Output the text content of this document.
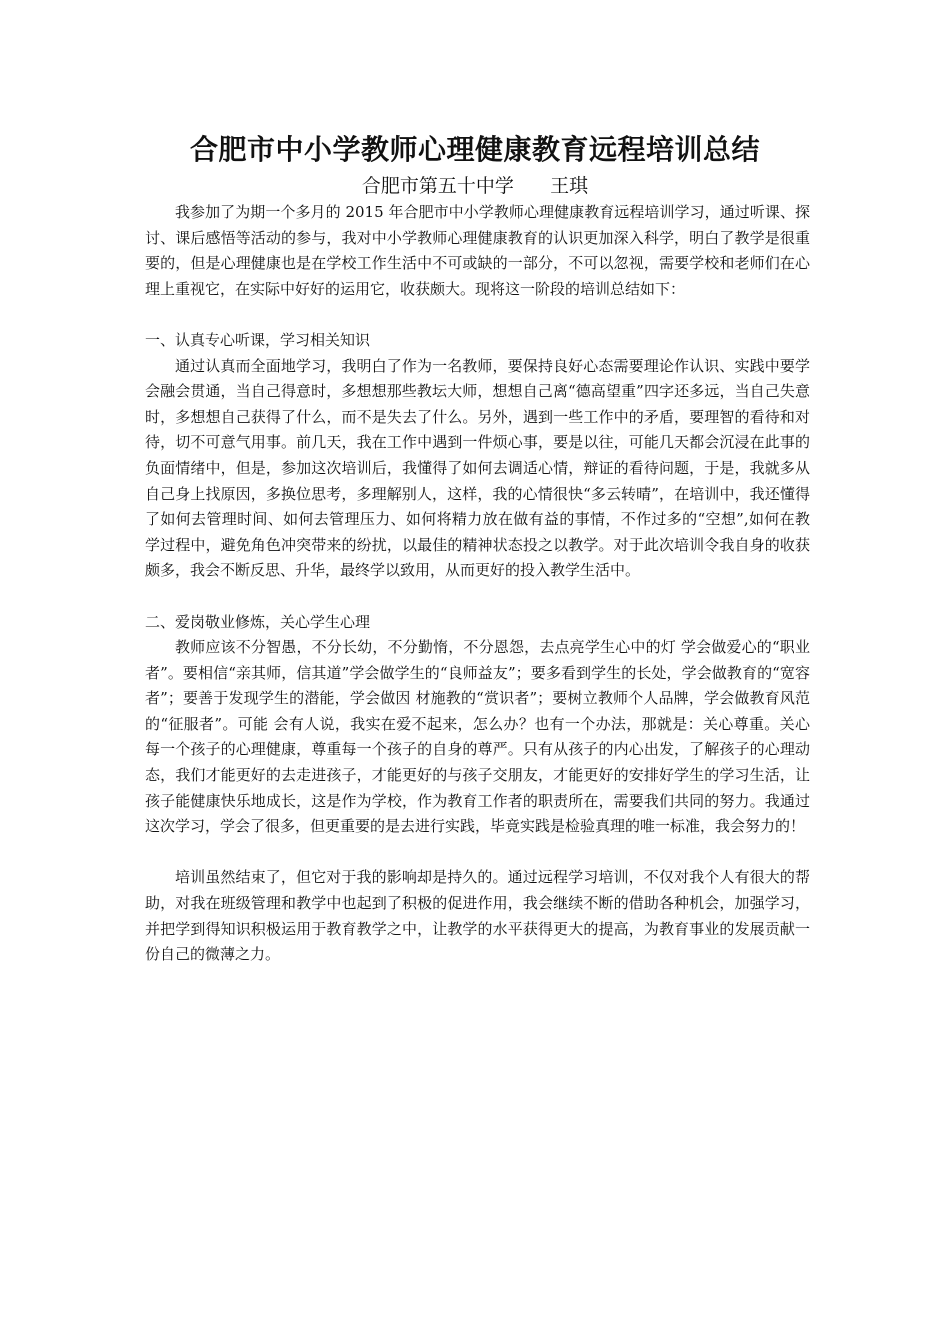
合肥市中小学教师心理健康教育远程培训总结
合肥市第五十中学      王琪

我参加了为期一个多月的 2015 年合肥市中小学教师心理健康教育远程培训学习，通过听课、探讨、课后感悟等活动的参与，我对中小学教师心理健康教育的认识更加深入科学，明白了教学是很重要的，但是心理健康也是在学校工作生活中不可或缺的一部分，不可以忽视，需要学校和老师们在心理上重视它，在实际中好好的运用它，收获颇大。现将这一阶段的培训总结如下：

一、认真专心听课，学习相关知识

通过认真而全面地学习，我明白了作为一名教师，要保持良好心态需要理论作认识、实践中要学会融会贯通，当自己得意时，多想想那些教坛大师，想想自己离“德高望重”四字还多远，当自己失意时，多想想自己获得了什么，而不是失去了什么。另外，遇到一些工作中的矛盾，要理智的看待和对待，切不可意气用事。前几天，我在工作中遇到一件烦心事，要是以往，可能几天都会沉浸在此事的负面情绪中，但是，参加这次培训后，我懂得了如何去调适心情，辩证的看待问题，于是，我就多从自己身上找原因，多换位思考，多理解别人，这样，我的心情很快“多云转晴”，在培训中，我还懂得了如何去管理时间、如何去管理压力、如何将精力放在做有益的事情，不作过多的“空想”,如何在教学过程中，避免角色冲突带来的纷扰，以最佳的精神状态投之以教学。对于此次培训令我自身的收获颇多，我会不断反思、升华，最终学以致用，从而更好的投入教学生活中。

二、爱岗敬业修炼，关心学生心理

教师应该不分智愚，不分长幼，不分勤惰，不分恩怨，去点亮学生心中的灯 学会做爱心的“职业者”。要相信“亲其师，信其道”学会做学生的“良师益友”；要多看到学生的长处，学会做教育的“宽容者”；要善于发现学生的潜能，学会做因 材施教的“赏识者”；要树立教师个人品牌，学会做教育风范的“征服者”。可能 会有人说，我实在爱不起来，怎么办？也有一个办法，那就是：关心尊重。关心每一个孩子的心理健康，尊重每一个孩子的自身的尊严。只有从孩子的内心出发，了解孩子的心理动态，我们才能更好的去走进孩子，才能更好的与孩子交朋友，才能更好的安排好学生的学习生活，让孩子能健康快乐地成长，这是作为学校，作为教育工作者的职责所在，需要我们共同的努力。我通过这次学习，学会了很多，但更重要的是去进行实践，毕竟实践是检验真理的唯一标准，我会努力的！

培训虽然结束了，但它对于我的影响却是持久的。通过远程学习培训，不仅对我个人有很大的帮助，对我在班级管理和教学中也起到了积极的促进作用，我会继续不断的借助各种机会，加强学习，并把学到得知识积极运用于教育教学之中，让教学的水平获得更大的提高，为教育事业的发展贡献一份自己的微薄之力。
